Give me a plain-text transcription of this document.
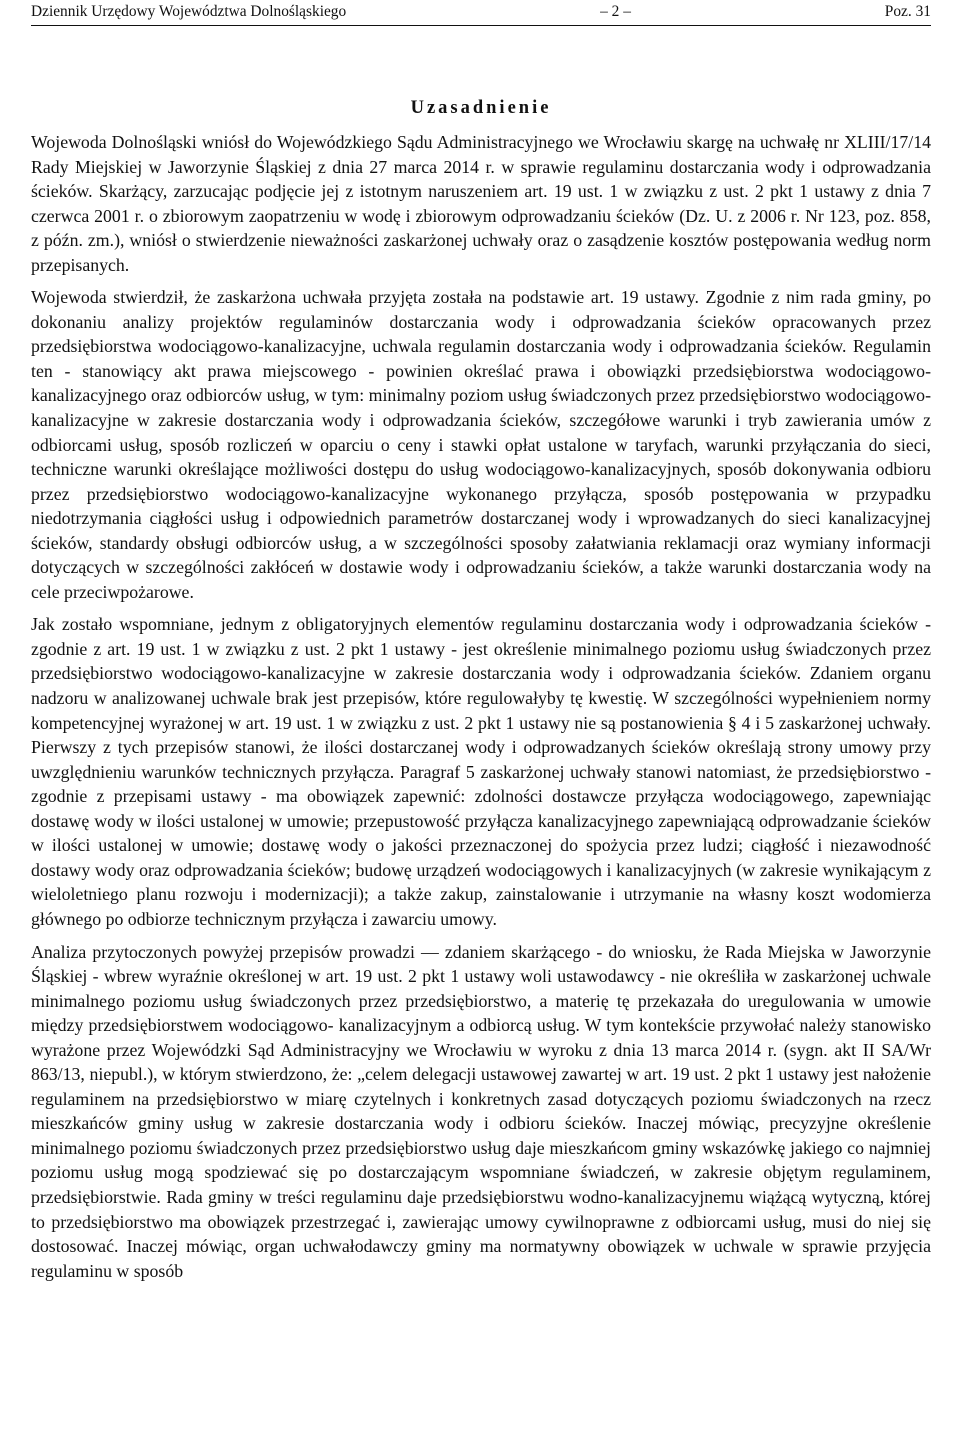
Dziennik Urzędowy Województwa Dolnośląskiego	– 2 –	Poz. 31
Uzasadnienie

Wojewoda Dolnośląski wniósł do Wojewódzkiego Sądu Administracyjnego we Wrocławiu skargę na uchwałę nr XLIII/17/14 Rady Miejskiej w Jaworzynie Śląskiej z dnia 27 marca 2014 r. w sprawie regulaminu dostarczania wody i odprowadzania ścieków. Skarżący, zarzucając podjęcie jej z istotnym naruszeniem art. 19 ust. 1 w związku z ust. 2 pkt 1 ustawy z dnia 7 czerwca 2001 r. o zbiorowym zaopatrzeniu w wodę i zbiorowym odprowadzaniu ścieków (Dz. U. z 2006 r. Nr 123, poz. 858, z późn. zm.), wniósł o stwierdzenie nieważności zaskarżonej uchwały oraz o zasądzenie kosztów postępowania według norm przepisanych.

Wojewoda stwierdził, że zaskarżona uchwała przyjęta została na podstawie art. 19 ustawy. Zgodnie z nim rada gminy, po dokonaniu analizy projektów regulaminów dostarczania wody i odprowadzania ścieków opracowanych przez przedsiębiorstwa wodociągowo-kanalizacyjne, uchwala regulamin dostarczania wody i odprowadzania ścieków. Regulamin ten - stanowiący akt prawa miejscowego - powinien określać prawa i obowiązki przedsiębiorstwa wodociągowo-kanalizacyjnego oraz odbiorców usług, w tym: minimalny poziom usług świadczonych przez przedsiębiorstwo wodociągowo- kanalizacyjne w zakresie dostarczania wody i odprowadzania ścieków, szczegółowe warunki i tryb zawierania umów z odbiorcami usług, sposób rozliczeń w oparciu o ceny i stawki opłat ustalone w taryfach, warunki przyłączania do sieci, techniczne warunki określające możliwości dostępu do usług wodociągowo-kanalizacyjnych, sposób dokonywania odbioru przez przedsiębiorstwo wodociągowo-kanalizacyjne wykonanego przyłącza, sposób postępowania w przypadku niedotrzymania ciągłości usług i odpowiednich parametrów dostarczanej wody i wprowadzanych do sieci kanalizacyjnej ścieków, standardy obsługi odbiorców usług, a w szczególności sposoby załatwiania reklamacji oraz wymiany informacji dotyczących w szczególności zakłóceń w dostawie wody i odprowadzaniu ścieków, a także warunki dostarczania wody na cele przeciwpożarowe.

Jak zostało wspomniane, jednym z obligatoryjnych elementów regulaminu dostarczania wody i odprowadzania ścieków - zgodnie z art. 19 ust. 1 w związku z ust. 2 pkt 1 ustawy - jest określenie minimalnego poziomu usług świadczonych przez przedsiębiorstwo wodociągowo-kanalizacyjne w zakresie dostarczania wody i odprowadzania ścieków. Zdaniem organu nadzoru w analizowanej uchwale brak jest przepisów, które regulowałyby tę kwestię. W szczególności wypełnieniem normy kompetencyjnej wyrażonej w art. 19 ust. 1 w związku z ust. 2 pkt 1 ustawy nie są postanowienia § 4 i 5 zaskarżonej uchwały. Pierwszy z tych przepisów stanowi, że ilości dostarczanej wody i odprowadzanych ścieków określają strony umowy przy uwzględnieniu warunków technicznych przyłącza. Paragraf 5 zaskarżonej uchwały stanowi natomiast, że przedsiębiorstwo - zgodnie z przepisami ustawy - ma obowiązek zapewnić: zdolności dostawcze przyłącza wodociągowego, zapewniając dostawę wody w ilości ustalonej w umowie; przepustowość przyłącza kanalizacyjnego zapewniającą odprowadzanie ścieków w ilości ustalonej w umowie; dostawę wody o jakości przeznaczonej do spożycia przez ludzi; ciągłość i niezawodność dostawy wody oraz odprowadzania ścieków; budowę urządzeń wodociągowych i kanalizacyjnych (w zakresie wynikającym z wieloletniego planu rozwoju i modernizacji); a także zakup, zainstalowanie i utrzymanie na własny koszt wodomierza głównego po odbiorze technicznym przyłącza i zawarciu umowy.

Analiza przytoczonych powyżej przepisów prowadzi — zdaniem skarżącego - do wniosku, że Rada Miejska w Jaworzynie Śląskiej - wbrew wyraźnie określonej w art. 19 ust. 2 pkt 1 ustawy woli ustawodawcy - nie określiła w zaskarżonej uchwale minimalnego poziomu usług świadczonych przez przedsiębiorstwo, a materię tę przekazała do uregulowania w umowie między przedsiębiorstwem wodociągowo- kanalizacyjnym a odbiorcą usług. W tym kontekście przywołać należy stanowisko wyrażone przez Wojewódzki Sąd Administracyjny we Wrocławiu w wyroku z dnia 13 marca 2014 r. (sygn. akt II SA/Wr 863/13, niepubl.), w którym stwierdzono, że: „celem delegacji ustawowej zawartej w art. 19 ust. 2 pkt 1 ustawy jest nałożenie regulaminem na przedsiębiorstwo w miarę czytelnych i konkretnych zasad dotyczących poziomu świadczonych na rzecz mieszkańców gminy usług w zakresie dostarczania wody i odbioru ścieków. Inaczej mówiąc, precyzyjne określenie minimalnego poziomu świadczonych przez przedsiębiorstwo usług daje mieszkańcom gminy wskazówkę jakiego co najmniej poziomu usług mogą spodziewać się po dostarczającym wspomniane świadczeń, w zakresie objętym regulaminem, przedsiębiorstwie. Rada gminy w treści regulaminu daje przedsiębiorstwu wodno-kanalizacyjnemu wiążącą wytyczną, której to przedsiębiorstwo ma obowiązek przestrzegać i, zawierając umowy cywilnoprawne z odbiorcami usług, musi do niej się dostosować. Inaczej mówiąc, organ uchwałodawczy gminy ma normatywny obowiązek w uchwale w sprawie przyjęcia regulaminu w sposób
